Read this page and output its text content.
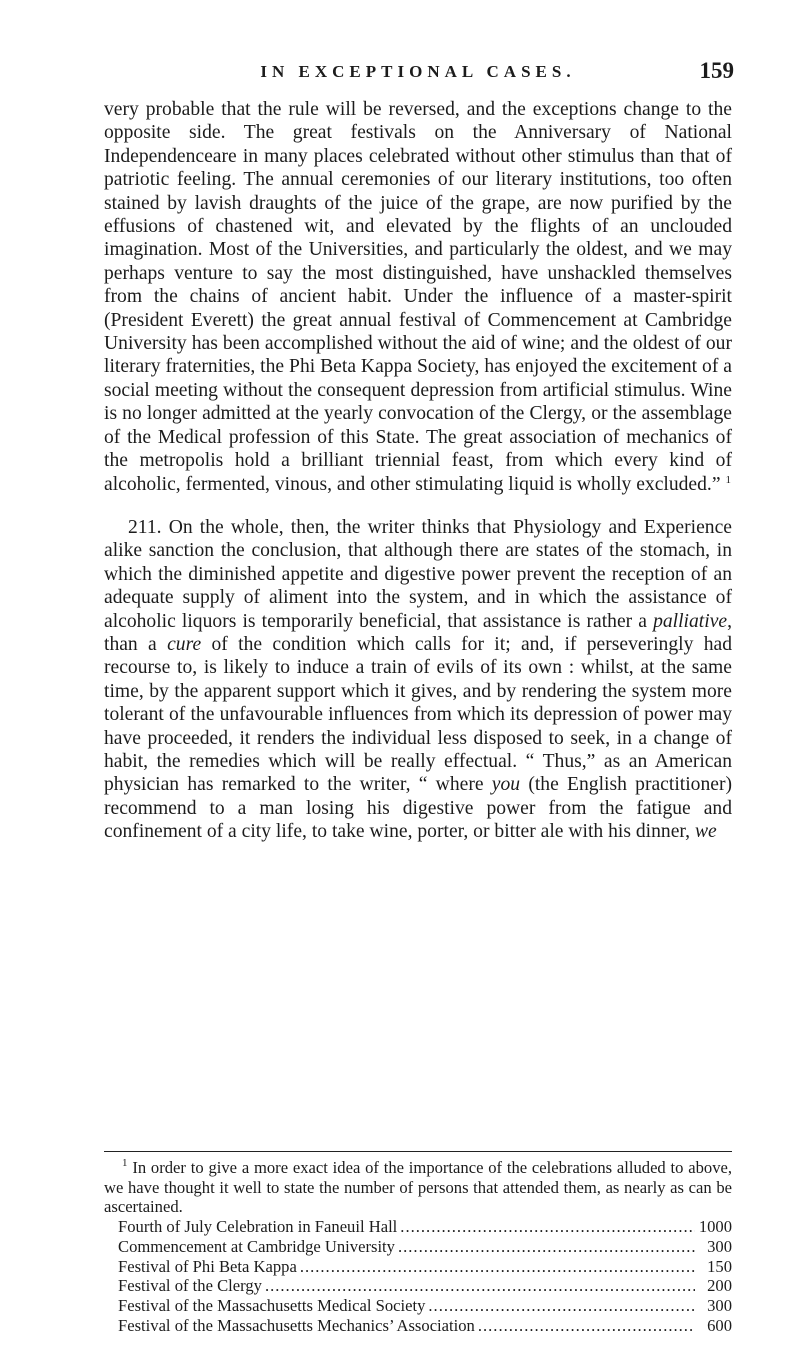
IN EXCEPTIONAL CASES.	159

very probable that the rule will be reversed, and the exceptions change to the opposite side. The great festivals on the Anniversary of National Independenceare in many places celebrated without other stimulus than that of patriotic feeling. The annual ceremonies of our literary institutions, too often stained by lavish draughts of the juice of the grape, are now purified by the effusions of chastened wit, and elevated by the flights of an unclouded imagination. Most of the Universities, and particularly the oldest, and we may perhaps venture to say the most distinguished, have unshackled themselves from the chains of ancient habit. Under the influence of a master-spirit (President Everett) the great annual festival of Commencement at Cambridge University has been accomplished without the aid of wine; and the oldest of our literary fraternities, the Phi Beta Kappa Society, has enjoyed the excitement of a social meeting without the consequent depression from artificial stimulus. Wine is no longer admitted at the yearly convocation of the Clergy, or the assemblage of the Medical profession of this State. The great association of mechanics of the metropolis hold a brilliant triennial feast, from which every kind of alcoholic, fermented, vinous, and other stimulating liquid is wholly excluded.” $^1$

211. On the whole, then, the writer thinks that Physiology and Experience alike sanction the conclusion, that although there are states of the stomach, in which the diminished appetite and digestive power prevent the reception of an adequate supply of aliment into the system, and in which the assistance of alcoholic liquors is temporarily beneficial, that assistance is rather a palliative, than a cure of the condition which calls for it; and, if perseveringly had recourse to, is likely to induce a train of evils of its own : whilst, at the same time, by the apparent support which it gives, and by rendering the system more tolerant of the unfavourable influences from which its depression of power may have proceeded, it renders the individual less disposed to seek, in a change of habit, the remedies which will be really effectual. “ Thus,” as an American physician has remarked to the writer, “ where you (the English practitioner) recommend to a man losing his digestive power from the fatigue and confinement of a city life, to take wine, porter, or bitter ale with his dinner, we

$^1$ In order to give a more exact idea of the importance of the celebrations alluded to above, we have thought it well to state the number of persons that attended them, as nearly as can be ascertained.

Fourth of July Celebration in Faneuil Hall .....	1000
Commencement at Cambridge University .....	300
Festival of Phi Beta Kappa .....	150
Festival of the Clergy .....	200
Festival of the Massachusetts Medical Society .....	300
Festival of the Massachusetts Mechanics’ Association .....	600
